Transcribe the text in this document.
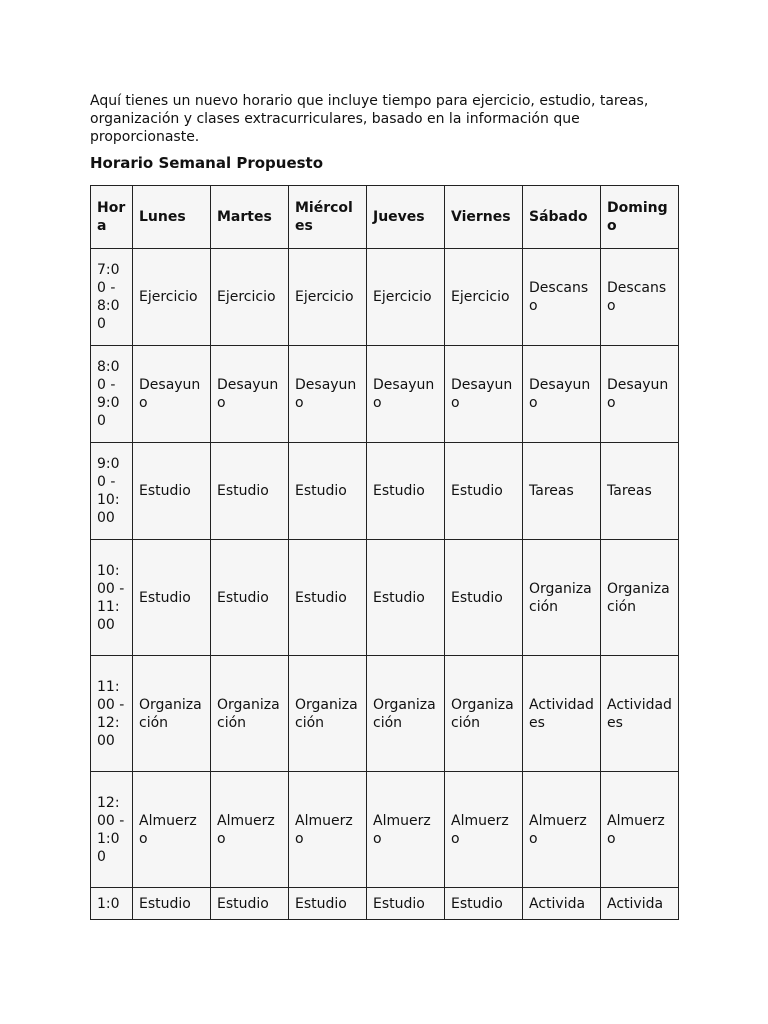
Aquí tienes un nuevo horario que incluye tiempo para ejercicio, estudio, tareas, organización y clases extracurriculares, basado en la información que proporcionaste.

Horario Semanal Propuesto

Hora	Lunes	Martes	Miércoles	Jueves	Viernes	Sábado	Domingo
7:00 - 8:00	Ejercicio	Ejercicio	Ejercicio	Ejercicio	Ejercicio	Descanso	Descanso
8:00 - 9:00	Desayuno	Desayuno	Desayuno	Desayuno	Desayuno	Desayuno	Desayuno
9:00 - 10:00	Estudio	Estudio	Estudio	Estudio	Estudio	Tareas	Tareas
10:00 - 11:00	Estudio	Estudio	Estudio	Estudio	Estudio	Organización	Organización
11:00 - 12:00	Organización	Organización	Organización	Organización	Organización	Actividades	Actividades
12:00 - 1:00	Almuerzo	Almuerzo	Almuerzo	Almuerzo	Almuerzo	Almuerzo	Almuerzo
1:0	Estudio	Estudio	Estudio	Estudio	Estudio	Activida	Activida
